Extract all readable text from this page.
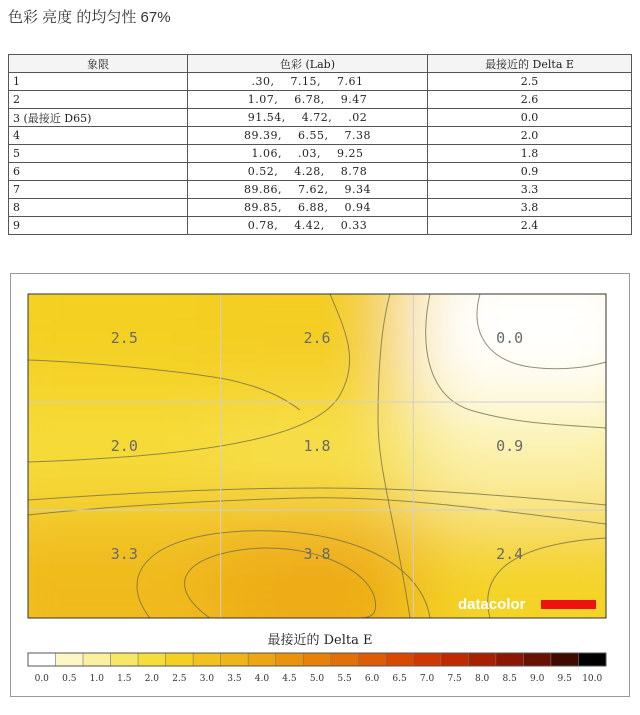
色彩 亮度 的均匀性 67%
象限	色彩 (Lab)	最接近的 Delta E
1	.30,    7.15,    7.61	2.5
2	1.07,    6.78,    9.47	2.6
3 (最接近 D65)	91.54,    4.72,    .02	0.0
4	89.39,    6.55,    7.38	2.0
5	1.06,    .03,    9.25	1.8
6	0.52,    4.28,    8.78	0.9
7	89.86,    7.62,    9.34	3.3
8	89.85,    6.88,    0.94	3.8
9	0.78,    4.42,    0.33	2.4
2.5	2.6	0.0
2.0	1.8	0.9
3.3	3.8	2.4
datacolor
最接近的 Delta E
0.0 0.5 1.0 1.5 2.0 2.5 3.0 3.5 4.0 4.5 5.0 5.5 6.0 6.5 7.0 7.5 8.0 8.5 9.0 9.5 10.0
